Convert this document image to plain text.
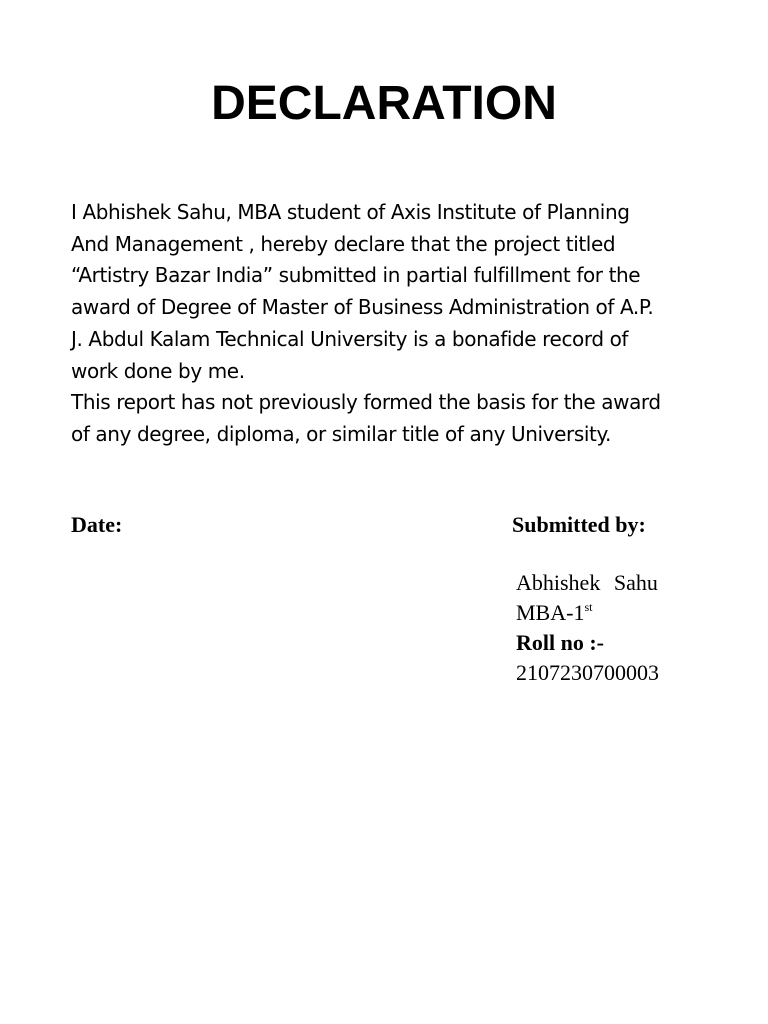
DECLARATION

I Abhishek Sahu, MBA student of Axis Institute of Planning
And Management , hereby declare that the project titled
“Artistry Bazar India” submitted in partial fulfillment for the
award of Degree of Master of Business Administration of A.P.
J. Abdul Kalam Technical University is a bonafide record of
work done by me.

This report has not previously formed the basis for the award
of any degree, diploma, or similar title of any University.

Date:	Submitted by:
Abhishek Sahu
MBA-1st
Roll no :-
2107230700003
